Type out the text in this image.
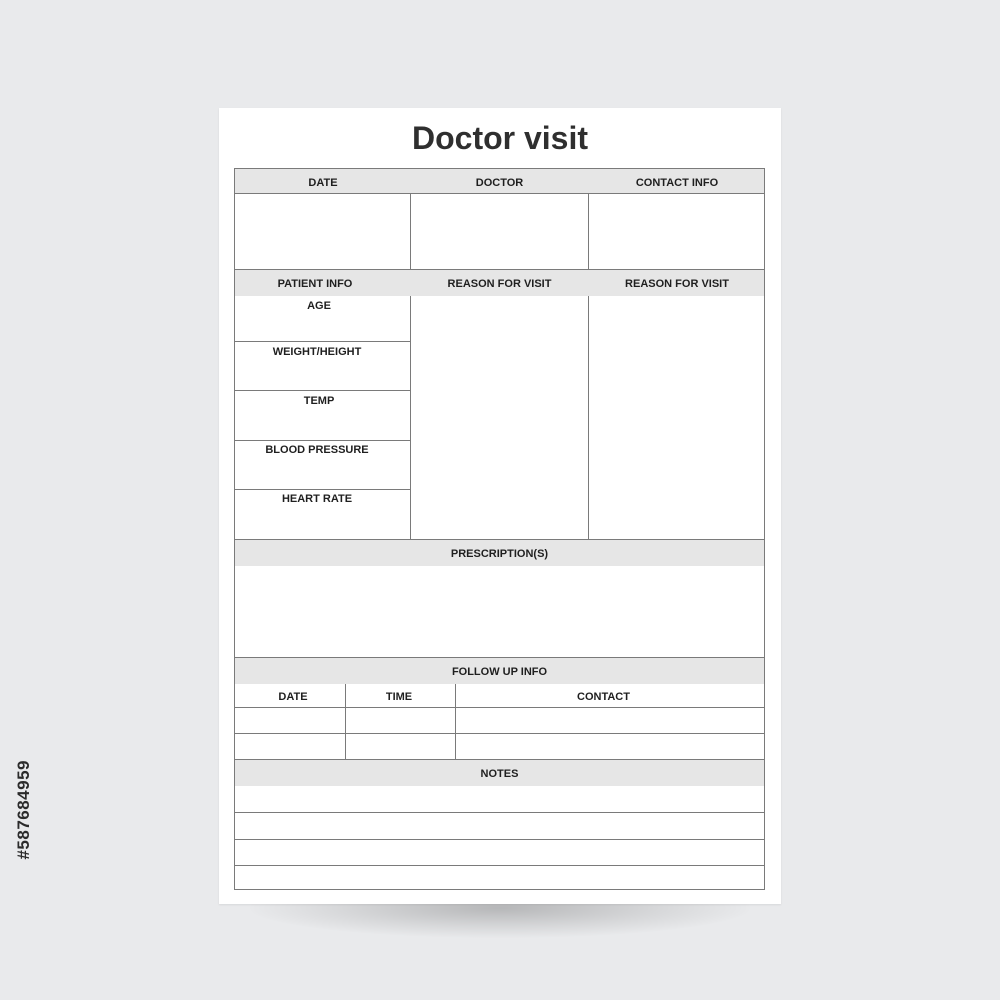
Doctor visit
DATE	DOCTOR	CONTACT INFO
PATIENT INFO	REASON FOR VISIT	REASON FOR VISIT
AGE
WEIGHT/HEIGHT
TEMP
BLOOD PRESSURE
HEART RATE
PRESCRIPTION(S)
FOLLOW UP INFO
DATE	TIME	CONTACT
NOTES
#587684959
